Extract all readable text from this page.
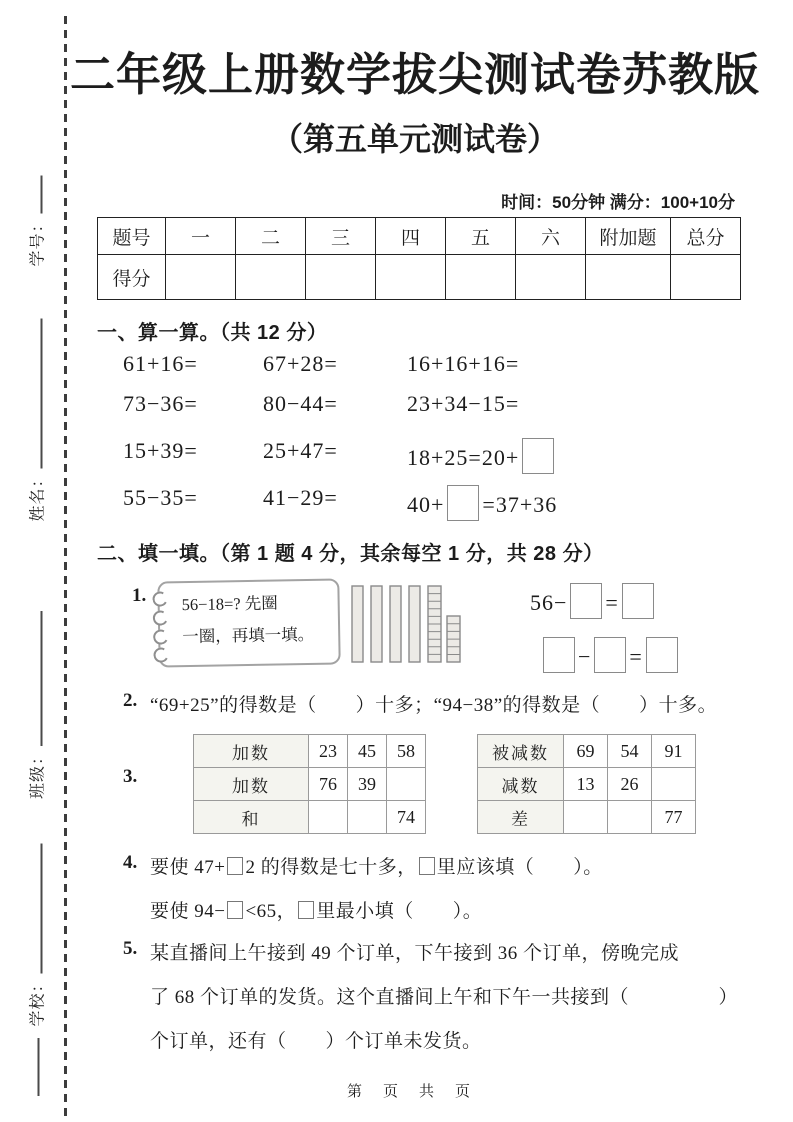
学号：
姓名：
班级：
学校：
二年级上册数学拔尖测试卷苏教版
（第五单元测试卷）
时间：50分钟 满分：100+10分
题号	一	二	三	四	五	六	附加题	总分
得分								
一、算一算。（共 12 分）
61+16=	67+28=	16+16+16=
73−36=	80−44=	23+34−15=
15+39=	25+47=	18+25=20+
55−35=	41−29=	40+ =37+36
二、填一填。（第 1 题 4 分，其余每空 1 分，共 28 分）
1. 56−18=? 先圈
一圈，再填一填。
56− =
− =
2. “69+25”的得数是（　　）十多；“94−38”的得数是（　　）十多。
3.
加数	23	45	58
加数	76	39	
和			74
被减数	69	54	91
减数	13	26	
差			77
4. 要使 47+ 2 的得数是七十多， 里应该填（　　）。
要使 94− <65， 里最小填（　　）。
5. 某直播间上午接到 49 个订单，下午接到 36 个订单，傍晚完成
了 68 个订单的发货。这个直播间上午和下午一共接到（	）
个订单，还有（　　）个订单未发货。
第　页　共　页
